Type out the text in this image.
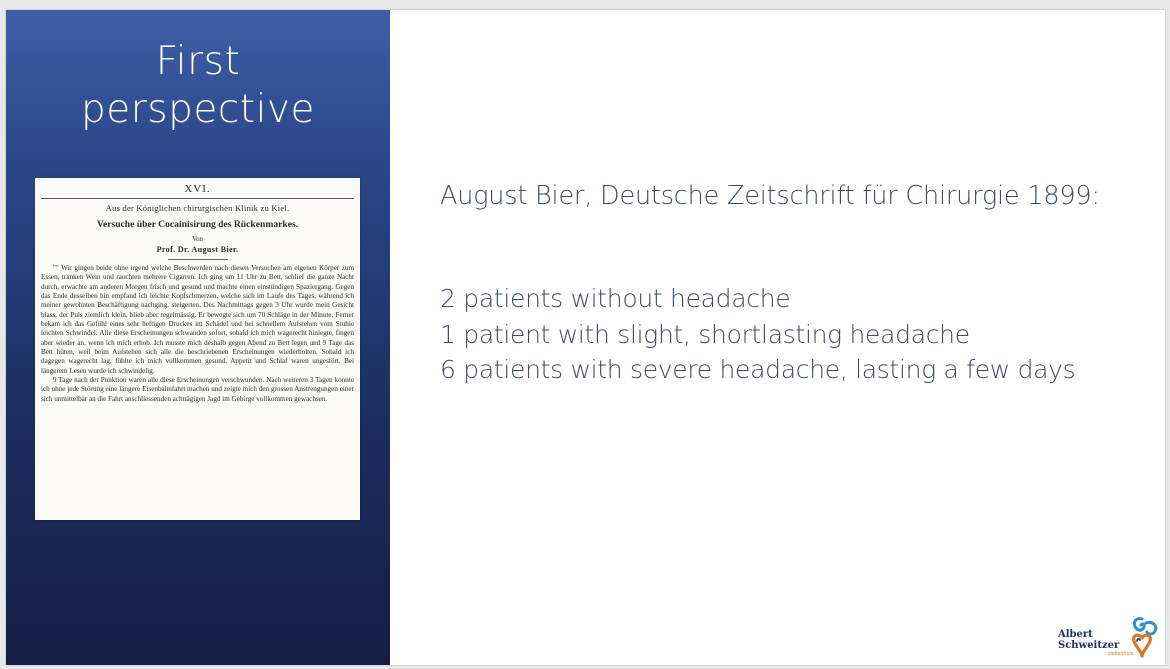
First
perspective
XVI.
Aus der Königlichen chirurgischen Klinik zu Kiel.
Versuche über Cocainisirung des Rückenmarkes.
Von
Prof. Dr. August Bier.

"" Wir gingen beide ohne irgend welche Beschwerden nach diesen Versuchen am eigenen Körper zum Essen, tranken Wein und rauchten mehrere Cigarren. Ich ging um 11 Uhr zu Bett, schlief die ganze Nacht durch, erwachte am anderen Morgen frisch und gesund und machte einen einstündigen Spaziergang. Gegen das Ende desselben hin empfand ich leichte Kopfschmerzen, welche sich im Laufe des Tages, während ich meiner gewohnten Beschäftigung nachging, steigerten. Des Nachmittags gegen 3 Uhr wurde mein Gesicht blass, der Puls ziemlich klein, blieb aber regelmässig. Er bewegte sich um 70 Schläge in der Minute. Ferner bekam ich das Gefühl eines sehr heftigen Druckes im Schädel und bei schnellem Aufstehen vom Stuhle leichten Schwindel. Alle diese Erscheinungen schwanden sofort, sobald ich mich wagerecht hinlegte, fingen aber wieder an, wenn ich mich erhob. Ich musste mich deshalb gegen Abend zu Bett legen und 9 Tage das Bett hüten, weil beim Aufstehen sich alle die beschriebenen Erscheinungen wiederholten. Sobald ich dagegen wagerecht lag, fühlte ich mich vollkommen gesund. Appetit und Schlaf waren ungestört. Bei längerem Lesen wurde ich schwindelig.

9 Tage nach der Punktion waren alle diese Erscheinungen verschwunden. Nach weiteren 3 Tagen konnte ich ohne jede Störung eine längere Eisenbahnfahrt machen und zeigte mich den grossen Anstrengungen einer sich unmittelbar an die Fahrt anschliessenden achttägigen Jagd im Gebirge vollkommen gewachsen.

August Bier, Deutsche Zeitschrift für Chirurgie 1899:
2 patients without headache
1 patient with slight, shortlasting headache
6 patients with severe headache, lasting a few days
Albert
Schweitzer
ziekenhuis
